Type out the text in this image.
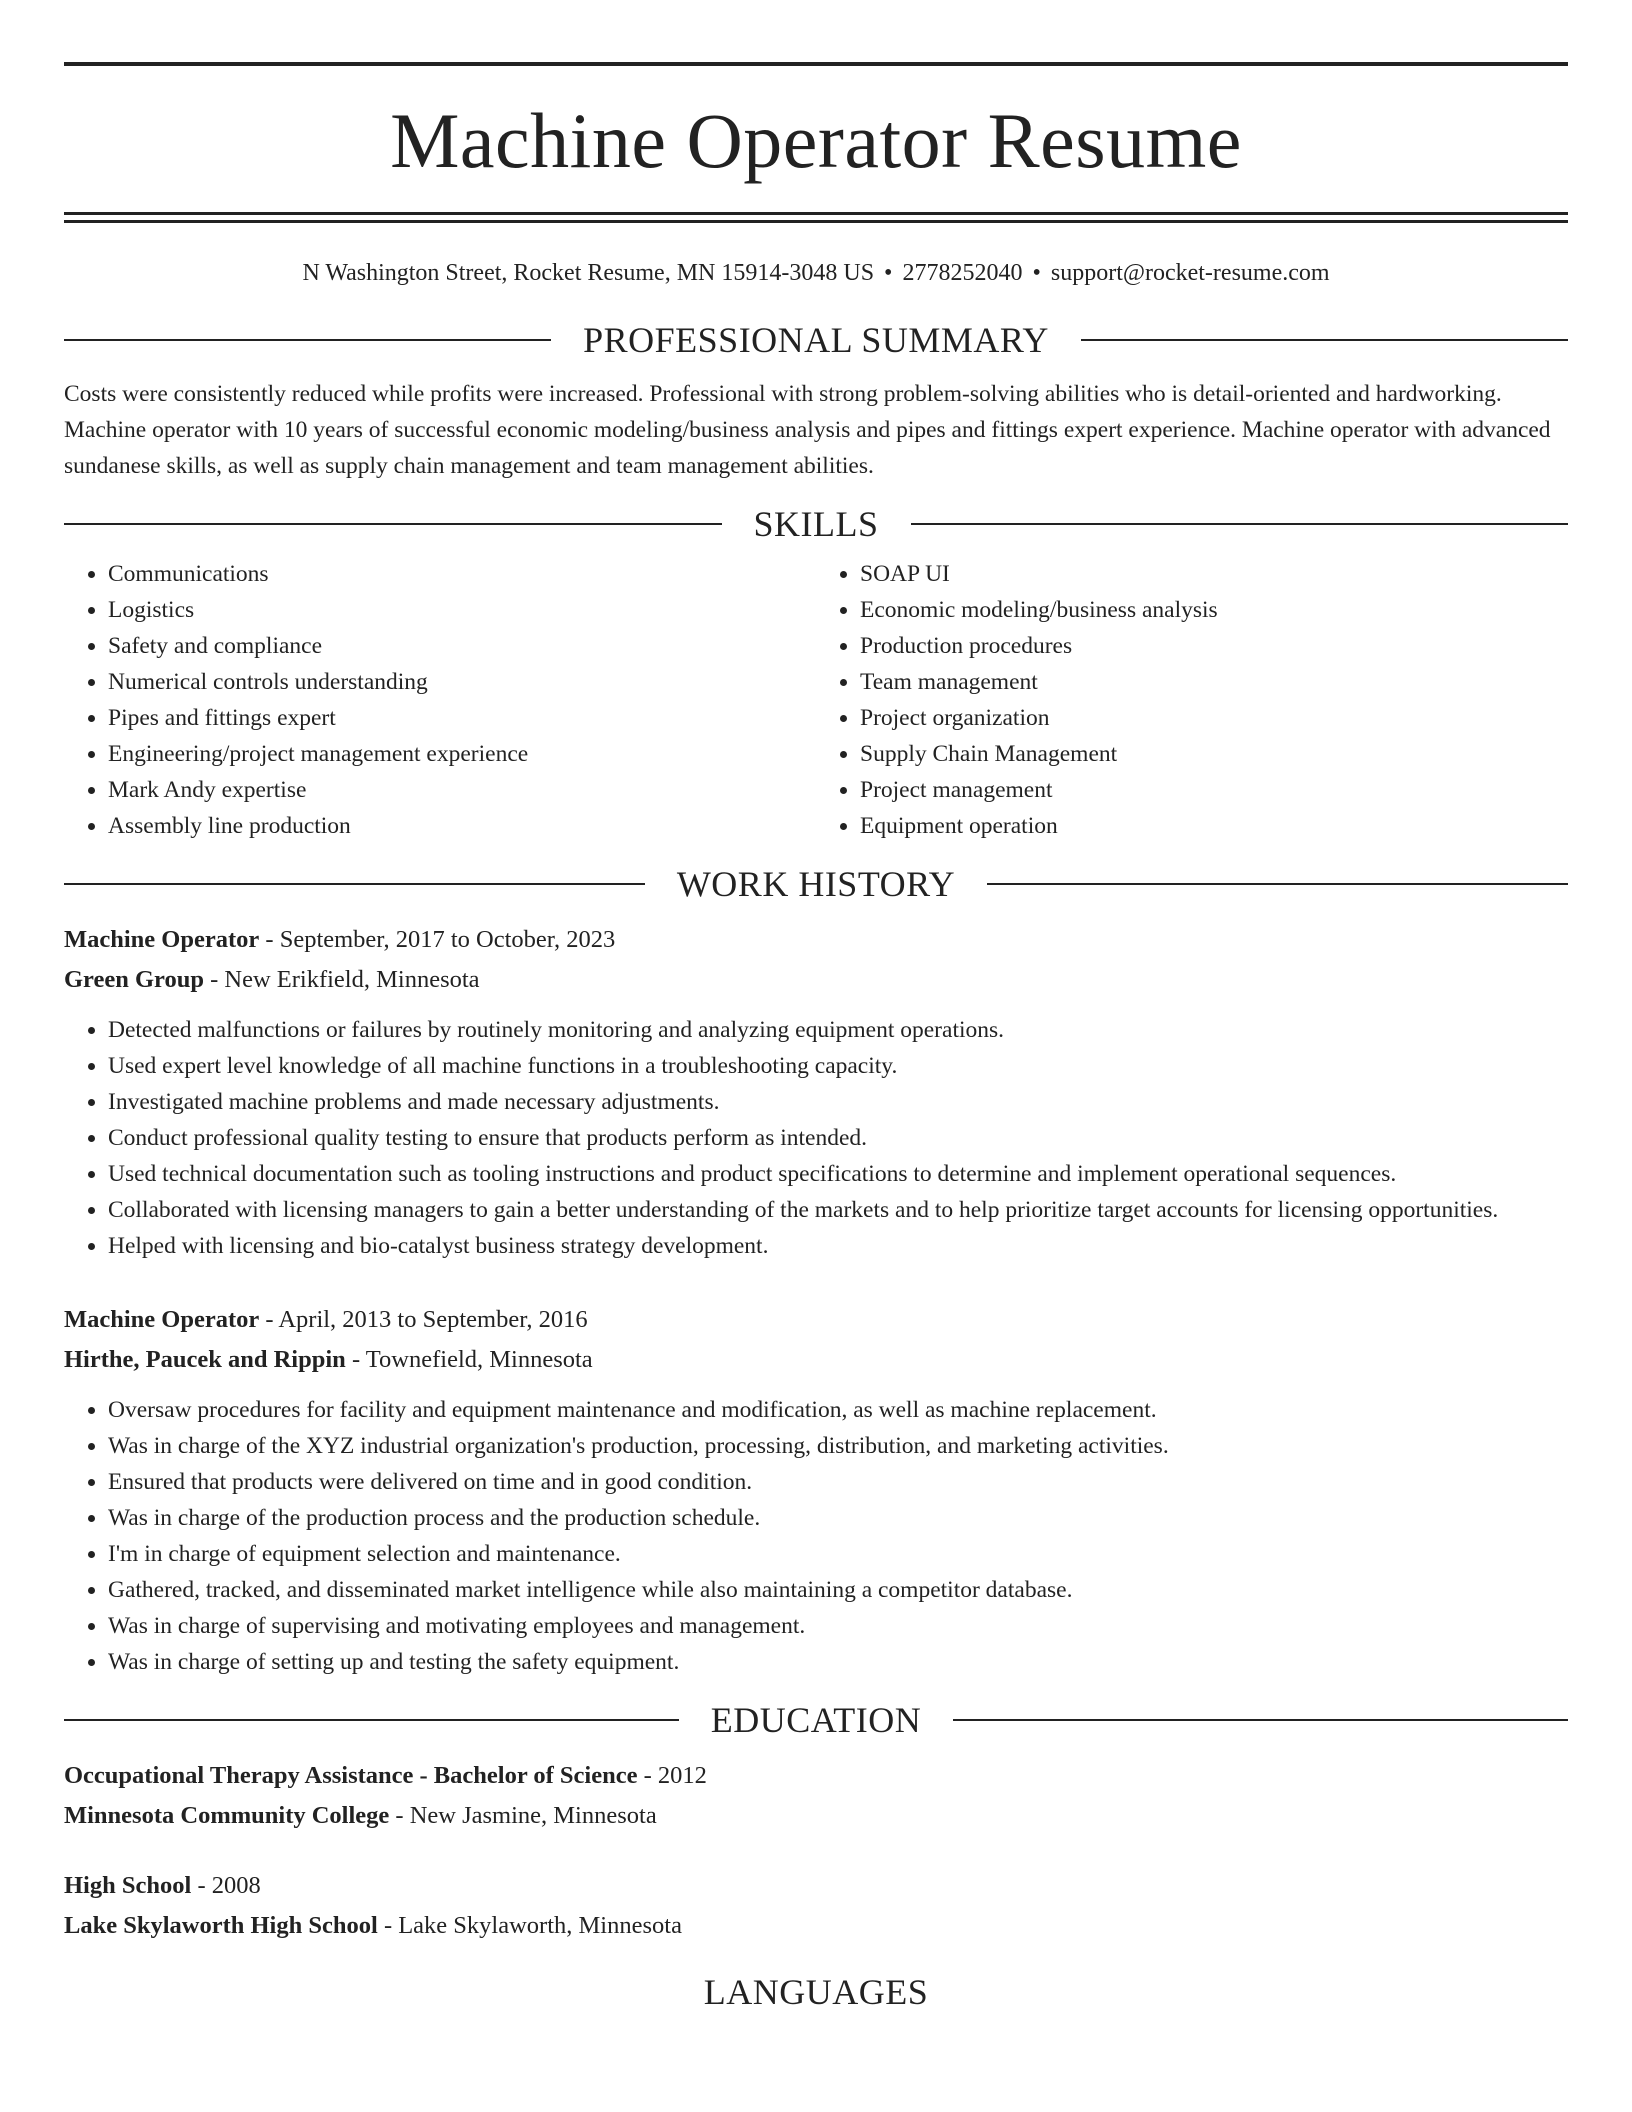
Machine Operator Resume
N Washington Street, Rocket Resume, MN 15914-3048 US • 2778252040 • support@rocket-resume.com
PROFESSIONAL SUMMARY

Costs were consistently reduced while profits were increased. Professional with strong problem-solving abilities who is detail-oriented and hardworking. Machine operator with 10 years of successful economic modeling/business analysis and pipes and fittings expert experience. Machine operator with advanced sundanese skills, as well as supply chain management and team management abilities.

SKILLS
• Communications
• Logistics
• Safety and compliance
• Numerical controls understanding
• Pipes and fittings expert
• Engineering/project management experience
• Mark Andy expertise
• Assembly line production
• SOAP UI
• Economic modeling/business analysis
• Production procedures
• Team management
• Project organization
• Supply Chain Management
• Project management
• Equipment operation
WORK HISTORY
Machine Operator - September, 2017 to October, 2023
Green Group - New Erikfield, Minnesota
• Detected malfunctions or failures by routinely monitoring and analyzing equipment operations.
• Used expert level knowledge of all machine functions in a troubleshooting capacity.
• Investigated machine problems and made necessary adjustments.
• Conduct professional quality testing to ensure that products perform as intended.
• Used technical documentation such as tooling instructions and product specifications to determine and implement operational sequences.
• Collaborated with licensing managers to gain a better understanding of the markets and to help prioritize target accounts for licensing opportunities.
• Helped with licensing and bio-catalyst business strategy development.
Machine Operator - April, 2013 to September, 2016
Hirthe, Paucek and Rippin - Townefield, Minnesota
• Oversaw procedures for facility and equipment maintenance and modification, as well as machine replacement.
• Was in charge of the XYZ industrial organization's production, processing, distribution, and marketing activities.
• Ensured that products were delivered on time and in good condition.
• Was in charge of the production process and the production schedule.
• I'm in charge of equipment selection and maintenance.
• Gathered, tracked, and disseminated market intelligence while also maintaining a competitor database.
• Was in charge of supervising and motivating employees and management.
• Was in charge of setting up and testing the safety equipment.
EDUCATION
Occupational Therapy Assistance - Bachelor of Science - 2012
Minnesota Community College - New Jasmine, Minnesota
High School - 2008
Lake Skylaworth High School - Lake Skylaworth, Minnesota
LANGUAGES
